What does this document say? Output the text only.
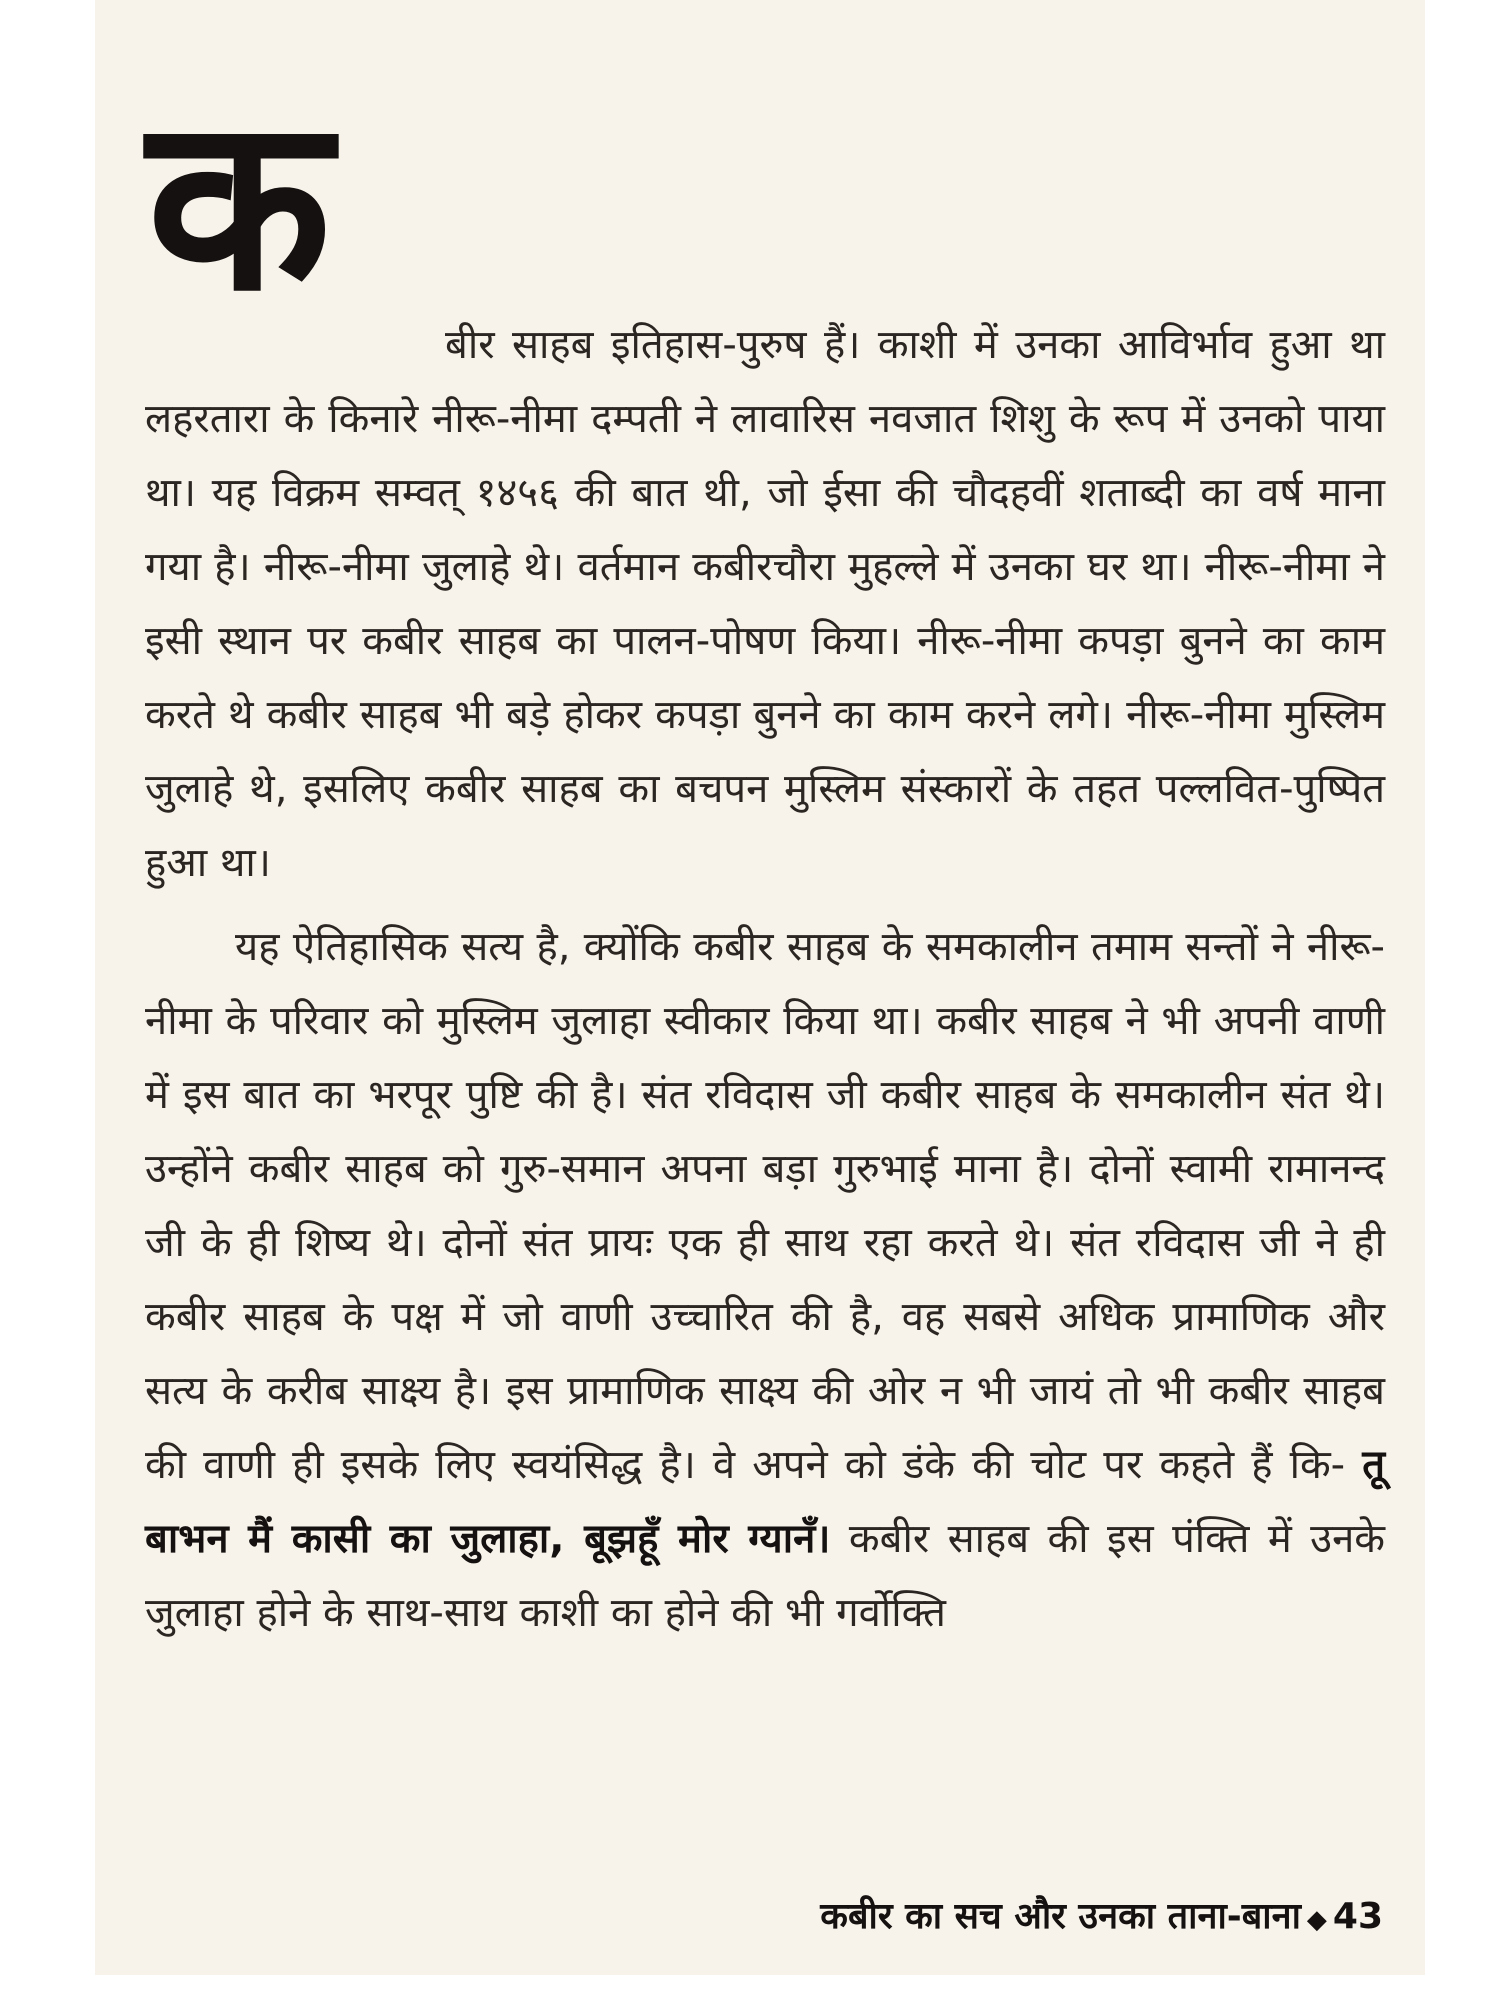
क

बीर साहब इतिहास-पुरुष हैं। काशी में उनका आविर्भाव हुआ था लहरतारा के किनारे नीरू-नीमा दम्पती ने लावारिस नवजात शिशु के रूप में उनको पाया था। यह विक्रम सम्वत् १४५६ की बात थी, जो ईसा की चौदहवीं शताब्दी का वर्ष माना गया है। नीरू-नीमा जुलाहे थे। वर्तमान कबीरचौरा मुहल्ले में उनका घर था। नीरू-नीमा ने इसी स्थान पर कबीर साहब का पालन-पोषण किया। नीरू-नीमा कपड़ा बुनने का काम करते थे कबीर साहब भी बड़े होकर कपड़ा बुनने का काम करने लगे। नीरू-नीमा मुस्लिम जुलाहे थे, इसलिए कबीर साहब का बचपन मुस्लिम संस्कारों के तहत पल्लवित-पुष्पित हुआ था।

यह ऐतिहासिक सत्य है, क्योंकि कबीर साहब के समकालीन तमाम सन्तों ने नीरू-नीमा के परिवार को मुस्लिम जुलाहा स्वीकार किया था। कबीर साहब ने भी अपनी वाणी में इस बात का भरपूर पुष्टि की है। संत रविदास जी कबीर साहब के समकालीन संत थे। उन्होंने कबीर साहब को गुरु-समान अपना बड़ा गुरुभाई माना है। दोनों स्वामी रामानन्द जी के ही शिष्य थे। दोनों संत प्रायः एक ही साथ रहा करते थे। संत रविदास जी ने ही कबीर साहब के पक्ष में जो वाणी उच्चारित की है, वह सबसे अधिक प्रामाणिक और सत्य के करीब साक्ष्य है। इस प्रामाणिक साक्ष्य की ओर न भी जायं तो भी कबीर साहब की वाणी ही इसके लिए स्वयंसिद्ध है। वे अपने को डंके की चोट पर कहते हैं कि- तू बाभन मैं कासी का जुलाहा, बूझहूँ मोर ग्यानँ। कबीर साहब की इस पंक्ति में उनके जुलाहा होने के साथ-साथ काशी का होने की भी गर्वोक्ति

कबीर का सच और उनका ताना-बाना ◆ 43
